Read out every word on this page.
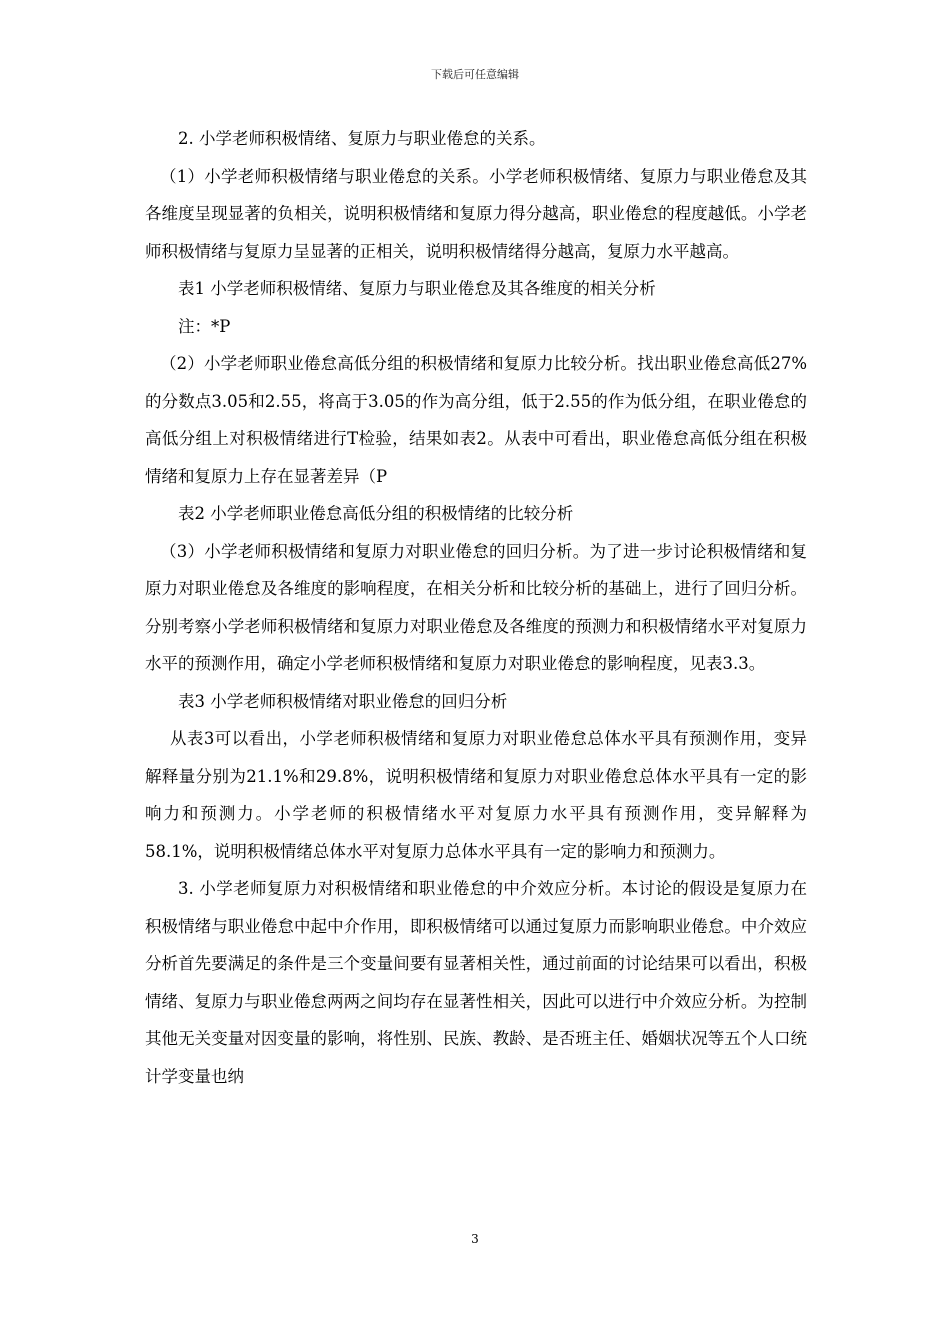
下载后可任意编辑

2. 小学老师积极情绪、复原力与职业倦怠的关系。

（1）小学老师积极情绪与职业倦怠的关系。小学老师积极情绪、复原力与职业倦怠及其各维度呈现显著的负相关，说明积极情绪和复原力得分越高，职业倦怠的程度越低。小学老师积极情绪与复原力呈显著的正相关，说明积极情绪得分越高，复原力水平越高。

表1 小学老师积极情绪、复原力与职业倦怠及其各维度的相关分析

注：*P

（2）小学老师职业倦怠高低分组的积极情绪和复原力比较分析。找出职业倦怠高低27%的分数点3.05和2.55，将高于3.05的作为高分组，低于2.55的作为低分组，在职业倦怠的高低分组上对积极情绪进行T检验，结果如表2。从表中可看出，职业倦怠高低分组在积极情绪和复原力上存在显著差异（P

表2 小学老师职业倦怠高低分组的积极情绪的比较分析

（3）小学老师积极情绪和复原力对职业倦怠的回归分析。为了进一步讨论积极情绪和复原力对职业倦怠及各维度的影响程度，在相关分析和比较分析的基础上，进行了回归分析。分别考察小学老师积极情绪和复原力对职业倦怠及各维度的预测力和积极情绪水平对复原力水平的预测作用，确定小学老师积极情绪和复原力对职业倦怠的影响程度，见表3.3。

表3 小学老师积极情绪对职业倦怠的回归分析

从表3可以看出，小学老师积极情绪和复原力对职业倦怠总体水平具有预测作用，变异解释量分别为21.1%和29.8%，说明积极情绪和复原力对职业倦怠总体水平具有一定的影响力和预测力。小学老师的积极情绪水平对复原力水平具有预测作用，变异解释为58.1%，说明积极情绪总体水平对复原力总体水平具有一定的影响力和预测力。

3. 小学老师复原力对积极情绪和职业倦怠的中介效应分析。本讨论的假设是复原力在积极情绪与职业倦怠中起中介作用，即积极情绪可以通过复原力而影响职业倦怠。中介效应分析首先要满足的条件是三个变量间要有显著相关性，通过前面的讨论结果可以看出，积极情绪、复原力与职业倦怠两两之间均存在显著性相关，因此可以进行中介效应分析。为控制其他无关变量对因变量的影响，将性别、民族、教龄、是否班主任、婚姻状况等五个人口统计学变量也纳

3
